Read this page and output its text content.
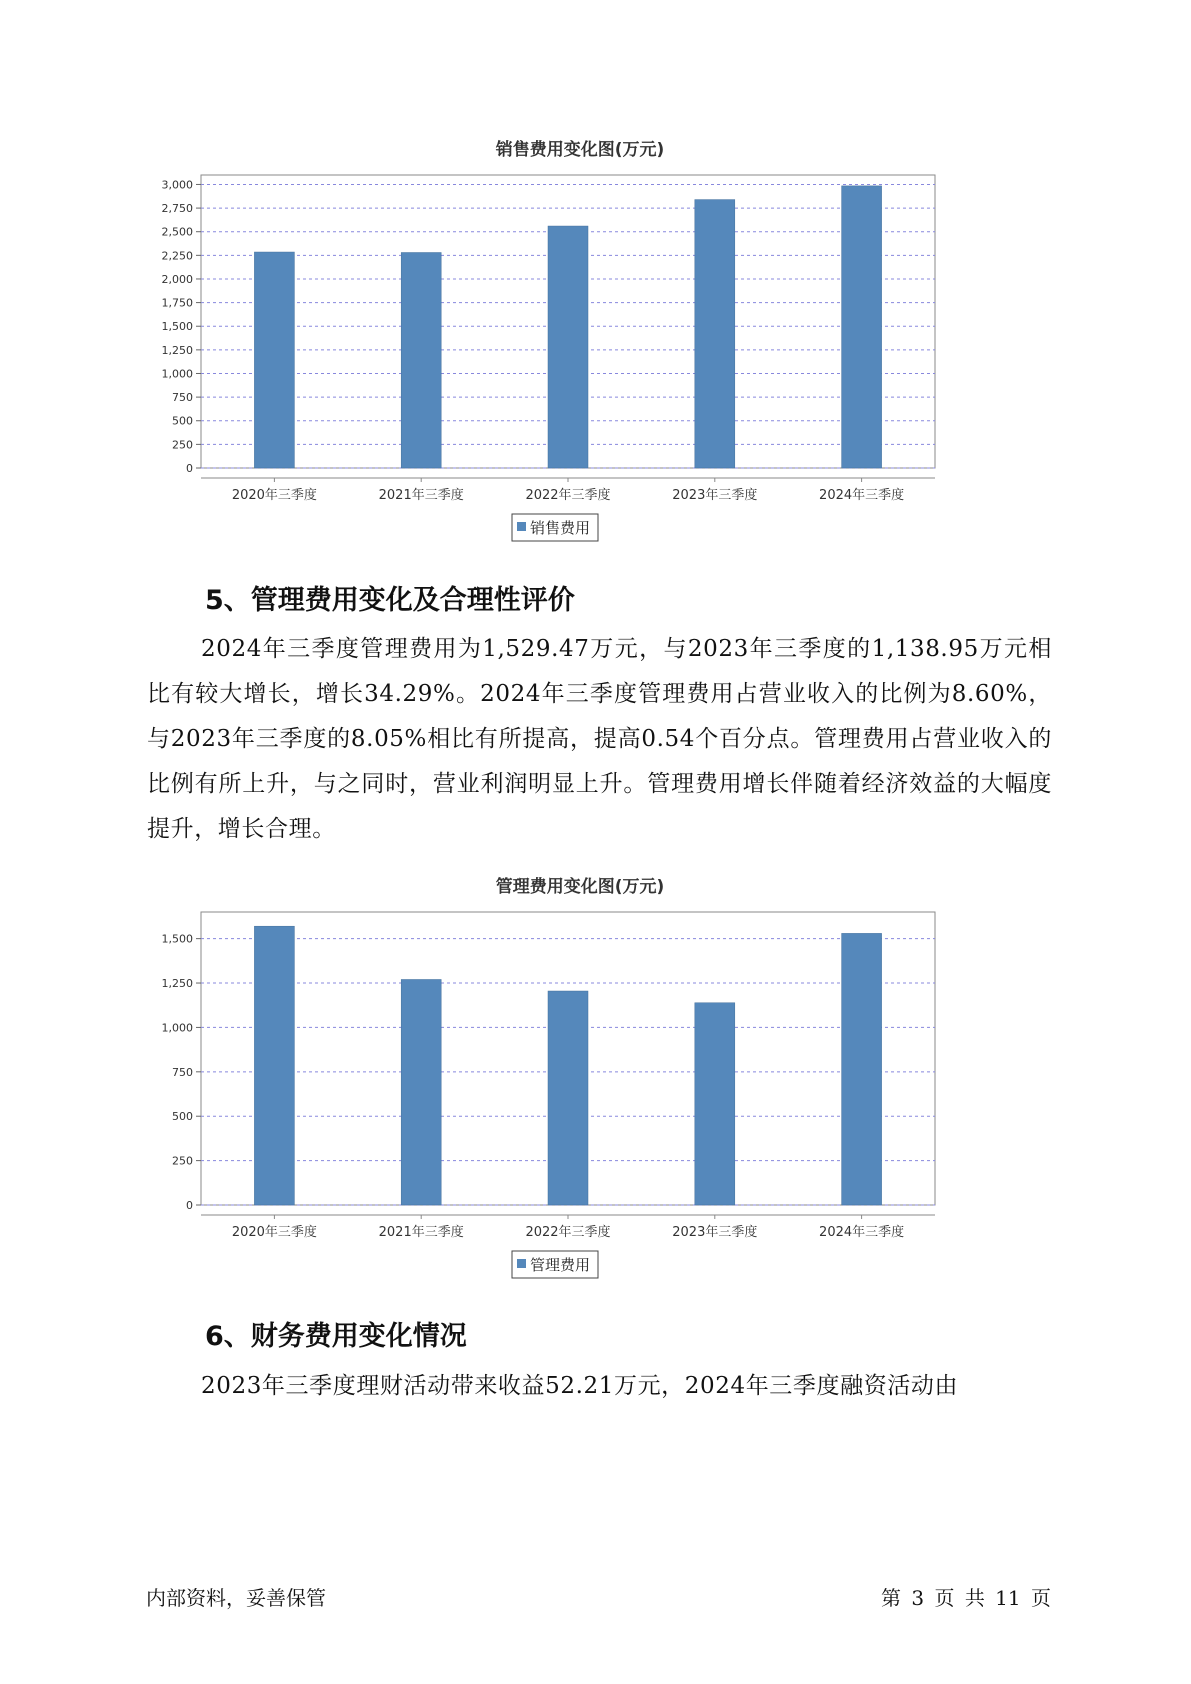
销售费用变化图(万元)
0
250
500
750
1,000
1,250
1,500
1,750
2,000
2,250
2,500
2,750
3,000
2020年三季度	2021年三季度	2022年三季度	2023年三季度	2024年三季度
销售费用
5、管理费用变化及合理性评价

2024年三季度管理费用为1,529.47万元，与2023年三季度的1,138.95万元相比有较大增长，增长34.29%。2024年三季度管理费用占营业收入的比例为8.60%，与2023年三季度的8.05%相比有所提高，提高0.54个百分点。管理费用占营业收入的比例有所上升，与之同时，营业利润明显上升。管理费用增长伴随着经济效益的大幅度提升，增长合理。

管理费用变化图(万元)
0
250
500
750
1,000
1,250
1,500
2020年三季度	2021年三季度	2022年三季度	2023年三季度	2024年三季度
管理费用
6、财务费用变化情况

2023年三季度理财活动带来收益52.21万元，2024年三季度融资活动由

内部资料，妥善保管	第 3 页 共 11 页
